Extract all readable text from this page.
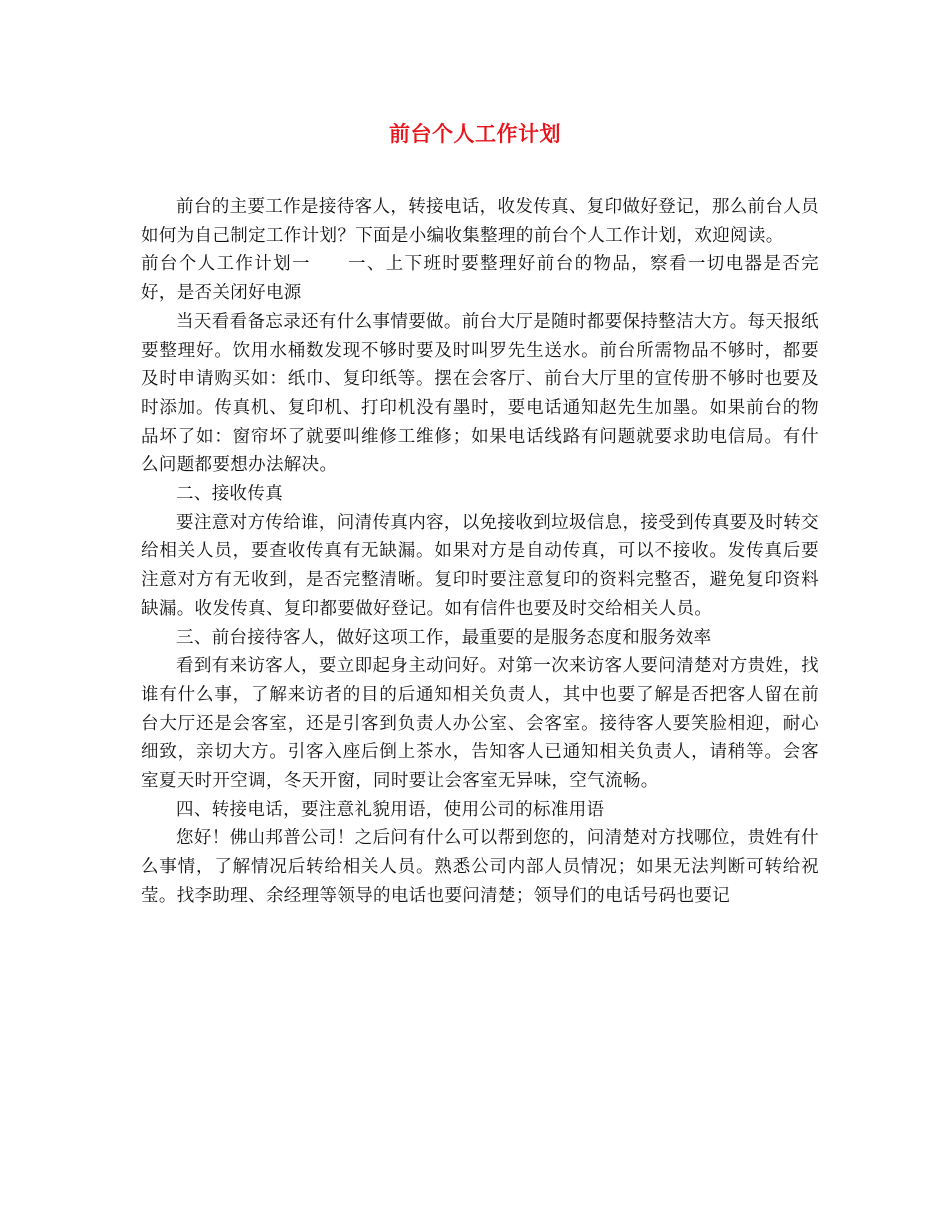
前台个人工作计划

前台的主要工作是接待客人，转接电话，收发传真、复印做好登记，那么前台人员如何为自己制定工作计划？下面是小编收集整理的前台个人工作计划，欢迎阅读。

前台个人工作计划一 一、上下班时要整理好前台的物品，察看一切电器是否完好，是否关闭好电源

当天看看备忘录还有什么事情要做。前台大厅是随时都要保持整洁大方。每天报纸要整理好。饮用水桶数发现不够时要及时叫罗先生送水。前台所需物品不够时，都要及时申请购买如：纸巾、复印纸等。摆在会客厅、前台大厅里的宣传册不够时也要及时添加。传真机、复印机、打印机没有墨时，要电话通知赵先生加墨。如果前台的物品坏了如：窗帘坏了就要叫维修工维修；如果电话线路有问题就要求助电信局。有什么问题都要想办法解决。

二、接收传真

要注意对方传给谁，问清传真内容，以免接收到垃圾信息，接受到传真要及时转交给相关人员，要查收传真有无缺漏。如果对方是自动传真，可以不接收。发传真后要注意对方有无收到，是否完整清晰。复印时要注意复印的资料完整否，避免复印资料缺漏。收发传真、复印都要做好登记。如有信件也要及时交给相关人员。

三、前台接待客人，做好这项工作，最重要的是服务态度和服务效率

看到有来访客人，要立即起身主动问好。对第一次来访客人要问清楚对方贵姓，找谁有什么事，了解来访者的目的后通知相关负责人，其中也要了解是否把客人留在前台大厅还是会客室，还是引客到负责人办公室、会客室。接待客人要笑脸相迎，耐心细致，亲切大方。引客入座后倒上茶水，告知客人已通知相关负责人，请稍等。会客室夏天时开空调，冬天开窗，同时要让会客室无异味，空气流畅。

四、转接电话，要注意礼貌用语，使用公司的标准用语

您好！佛山邦普公司！之后问有什么可以帮到您的，问清楚对方找哪位，贵姓有什么事情，了解情况后转给相关人员。熟悉公司内部人员情况；如果无法判断可转给祝莹。找李助理、余经理等领导的电话也要问清楚；领导们的电话号码也要记
